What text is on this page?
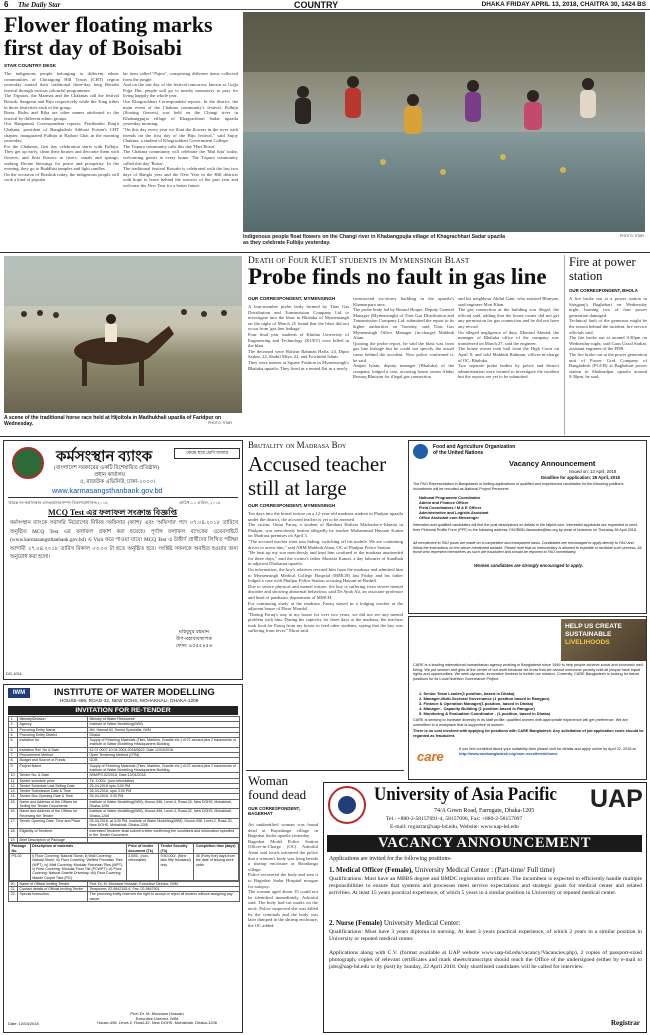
6 The Daily Star	COUNTRY	DHAKA FRIDAY APRIL 13, 2018, CHAITRA 30, 1424 BS
Flower floating marks
first day of Boisabi
STAR COUNTRY DESK

The indigenous people belonging to different ethnic communities of Chittagong Hill Tracts (CHT) region yesterday started their traditional three-day long Boisabi festival through various colourful programmes.

The Tripuras, the Marmas and the Chakmas call the festival Boisuk, Sangrain and Biju respectively while the Tong tribes in those festivities each of the group.

Bonu, Bishu and Biha are other names attributed to the festival by different ethnic groups.

Our Rangamati Correspondent reports: Pratibimbo Ranjit Chakma, president of Bangladesh Adibasi Forum's CHT chapter, inaugurated Fulbiju at Rajbari Ghat in the morning yesterday.

For the Chakmas, first day celebration starts with Fulbiju. They get up early, clean their houses and decorate them with flowers, and float flowers in rivers, canals and springs, seeking Divine blessings for peace and prosperity. In the evening, they go to Buddhist temples and light candles.

On the occasion of Boishuk today, the indigenous people will cook a kind of popular

lar item called "Pajon", comprising different items collected from the jungle.

And on the last day of the festival tomorrow, known as Gojja Pojja Din, people will go to nearby monastery to pray for living happily the whole year.

Our Khagrachhari Correspondent reports: In the district, the main event of the Chakma community's festival, Fulbiju (floating flowers) was held on the Changi river in Khabangpujia village of Khagrachhari Sadar upazila yesterday morning.

"On this day every year we float the flowers in the river with friends on the first day of the Biju festival," said Sujoy Chakma, a student of Khagrachhari Government College.

The Tripura community calls this day 'Hari Boisu'.

The Chakma community will celebrate the 'Mul biju' today, welcoming guests to every home. The Tripura community called this day 'Boisu'.

The traditional festival Boisabi is celebrated with the last two days of Bangla year and the New Year in the Hill districts with hope to leave behind the sorrows of the past year and welcome the New Year for a better future.

Indigenous people float flowers on the Changi river in Khabangpujia village of Khagrachhari Sadar upazila
as they celebrate Fulbiju yesterday.
PHOTO: STAR
A scene of the traditional horse race held at Hijoltola in Madhukhali upazila of Faridpur on Wednesday.	PHOTO: STAR
Death of Four KUET students in Mymensingh Blast
Probe finds no fault in gas line
OUR CORRESPONDENT, MYMENSINGH

A four-member probe body formed by Titas Gas Distribution and Transmission Company Ltd to investigate into the blast in Bhaluka of Mymensingh on the night of March 25 found that the blast did not occur from 'gas line leakage'.

Four final year students of Khulna University of Engineering and Technology (KUET) were killed in the blast.

The deceased were Hafizur Rahman Hafiz, 24, Dipto Sarkar, 22, Shakil Miya, 22, and Fowhidul Islam.

They were interns at Square Fashion in Mymensingh's Bhaluka upazila. They lived in a rented flat in a newly

constructed six-storey building in the upazila's Khamarpara area.

The probe body led by Rezaul Hoque, Deputy General Manager (Mymensingh) of Titas Gas Distribution and Transmission Company Ltd, submitted the report to its higher authorities on Tuesday, said Titas Gas Mymensingh Office Manager (in-charge) Mahbub Alam.

Quoting the probe report, he said the blast was from gas line leakage but he could not specify the actual cause behind the accident. Now police confirmed it, he said.

Amjad Islam, deputy manager (Bhaluka) of the company, lodged a case, accusing house owner Abdur Rezzaq Bhuiyan for illegal gas connection

and his neighbour Abdul Gani, who assisted Bhuiyan, said engineer Mon Khan.

The gas connection at the building was illegal, the official said, adding that the house owner did not get any permission for gas connection and he did not have any record.

On alleged negligence of duty, Monirul Ahmed, the manager of Bhaluka office of the company was transferred on March 27, said the engineer.

The house owner took bail from the High Court on April 8, and told Mahbub Rahman, officer-in-charge of OC, Bhaluka.

Two separate probe bodies by police and district administration were formed to investigate the incident but the reports are yet to be submitted.

Fire at power station
OUR CORRESPONDENT, BHOLA

A fire broke out at a power station in Sirajganj's Baghabari on Wednesday night, burning two of four power generation damaged.

Technical fault of the generator might be the reason behind the incident, fire service officials said.

The fire broke out at around 9:30pm on Wednesday night, said Gaus Uzzal Sarkar, assistant engineer of the PDB.

The fire broke out at the power generation unit of Power Grid Company of Bangladesh (PGCB) at Baghabari power station in Shahzadpur upazila around 9:30pm, he said.

কর্মসংস্থান ব্যাংক	কেন্দ্রে ছাত্র শ্রেণি বাজার
(বাংলাদেশ সরকারের একটি বিশেষায়িত প্রতিষ্ঠান)
প্রধান কার্যালয়
৫, রাজউক এভিনিউ, ঢাকা-১০০০।
www.karmasangsthanbank.gov.bd
স্মারক নং-কর্মসংস্থান ব্যাংক/মানবসম্পদ বিভাগ/প্রশাসন/২০১৮	তারিখ:১১ এপ্রিল, ২০১৮
MCQ Test এর ফলাফল সংক্রান্ত বিজ্ঞপ্তি
কর্মসংস্থান ব্যাংকে সরাসরি নিয়োগের নিমিত্ত 'অফিসার (ক্যাশ)' এবং 'অফিসার' পদে ০৭.০৪.২০১৮ তারিখে অনুষ্ঠিত MCQ Test এর ফলাফল প্রকাশ করা হয়েছে। পূর্ণাঙ্গ ফলাফল ব্যাংকের ওয়েবসাইটে (www.karmasangsthanbank.gov.bd) এ Visit করে পাওয়া যাবে। MCQ Test এ উত্তীর্ণ প্রার্থীদের লিখিত পরীক্ষা আগামী ২৭.০৪.২০১৮ তারিখ বিকাল ০৩.০০ টা হতে অনুষ্ঠিত হবে। সংশ্লিষ্ট সকলকে অবহিত হওয়ার জন্য অনুরোধ করা হলো।
মাহবুবুর রহমান
উপ-মহাব্যবস্থাপক
ফোন: ৯৫৫৫৪৫৬
DG-1011
IWM	INSTITUTE OF WATER MODELLING
HOUSE-496, ROAD-32, NEW DOHS, MOHAKHALI, DHAKA-1206
INVITATION FOR RE-TENDER
1.	Ministry/Division	Ministry of Water Resources
2.	Agency	Institute of Water Modelling(IWM)
3.	Procuring Entity Name	Md. Hasnat Ali, Senior Specialist, IWM
4.	Procuring Entity District	Dhaka
5.	Invitation for	Supply of Finishing Materials (Tiles, Marbles, Granite etc.) of 07-storied plus 2 basements of Institute of Water Modelling Headquarters Building
6.	Invitation Ref. No & Date	42.07.0007.10.04.2004.2018/0622; Date 12/04/2018
7.	Procurement Method	Open Tendering Method (OTM)
8.	Budget and Source of Funds	GOB
9.	Project Name	Supply of Finishing Materials (Tiles, Marbles, Granite etc.) of 07-storied plus 2 basements of Institute of Water Modelling Headquarters Building
10.	Tender No. & Date	IWM/PS-02/2018, Date:12/04/2018
11.	Tender schedule price	Tk. 3,000/- (non-refundable)
12.	Tender Schedule Last Selling Date	25-04-2018 upto 3:00 PM
13.	Tender Submission Date & Time	26-04-2018, upto 3:00 PM
14.	Tender Box Opening Date & Time	26-04-2018, 3:30 PM
15.	Name and Address of the Offices for Selling the Tender Documents	Institute of Water Modelling(IWM), House-496, Level-4, Road-32, New DOHS, Mohakhali, Dhaka-1206
16.	Name and Address of the Offices for Receiving the Tender	Institute of Water Modelling(IWM), House-496, Level-4, Road-32, New DOHS, Mohakhali, Dhaka-1206
17.	Tender Opening Date, Time and Place	26-04-2018, at 3:30 PM, Institute of Water Modelling(IWM), House-496, Level-2, Road-32, New DOHS, Mohakhali, Dhaka-1206
18.	Eligibility of Tenderer	Interested Tenderer shall submit a letter confirming the conditions and information specified in the Tender Document.
19.	Brief Description of Package	

Package No.	Description of materials	Price of tender document (Tk)	Tender Security (Tk)	Completion time (days)
PS-02	i) Floor Covering: Natural Stone, ii) Wall Covering: Natural Stone, iii) Floor Covering: Vitrified Porcelain Tiles (WPT), iv) Wall Covering: Modular Porcelain Tiles (WPT), v) Floor Covering: Modular Floor Tile (FCWPT), vi) Floor Covering: Natural Granite Driveway, viii) Floor Covering: Marble Carpet Tiles (PG)	3,000/- (non-refundable)	9,50,000/- (Nine lakh fifty thousand) only	45 (Forty five) days from the date of issuing work order

20.	Name of Official Inviting Tender	Prof. Dr. M. Monowar Hossain, Executive Director, IWM
21.	Contact details of Official Inviting Tender	Telephone: 02-9842105-6, Fax: 02-9847901
22.	Special Instruction	The procuring entity reserves the right to accept or reject all tenders without assigning any cause.
Date: 12/04/2018
Prof. Dr. M. Monowar Hossain
Executive Director, IWM
House-496, Level-2, Road-32, New DOHS, Mohakhali, Dhaka-1206
Brutality on Madrasa Boy
Accused teacher
still at large
OUR CORRESPONDENT, MYMENSINGH

Ten days into the brutal torture on a 12-year-old madrasa student in Phulpur upazila under the district, the accused teacher is yet to be arrested.

The victim, Omar Faruq, a student of Barahari Hafizia Madrasha-e-Islamia in Phulpur, was mercilessly beaten allegedly by teacher Mohammad Hussain Karim on Madrasa premises on April 3.

"The accused teacher went into hiding, switching off his mobile. We are continuing drives to arrest him," said ABM Mahbub Alam, OC of Phulpur Police Station.

"He beat up my son mercilessly and kept him confined to the madrasa unattended for three days," said the victim's father Mustafa Kamal, a day labourer of Sundhah in adjacent Dhobaura upazila.

On information, the boy's relatives rescued him from the madrasa and admitted him to Mymensingh Medical College Hospital (MMCH) last Friday and his father lodged a case with Phulpur Police Station accusing Hassan-ur-Rashid.

Due to severe physical and mental torture, the boy is suffering from severe mental disorder and showing abnormal behaviour, said Dr Ayub Ali, an associate professor and head of paediatric department of MMCH.

For continuing study at the madrasa, Faruq stayed in a lodging teacher at the adjacent house of Ebrar Mondol.

"During Faruq's stay at my house for over two years, we did not see any mental problem with him. During his captivity for three days at the madrasa, the teachers took food for Faruq from my house to feed other students, saying that the boy was suffering from fever," Ebrar said.

Woman
found dead
OUR CORRESPONDENT, BAGERHAT

An unidentified woman was found dead at Bayadanga village in Bagerhat Sadar upazila yesterday.

Bagerhat Model Police Station Officer-in-Charge (OC) Ashraful Alam said locals informed the police that a woman's body was lying beside a shrimp enclosure at Boradanga village.

Police recovered the body and sent it to Bagerhat Sadar Hospital morgue for autopsy.

The woman aged about 35 could not be identified immediately, Ashraful said. The body had cut marks on the neck. Police suspected she was killed by the criminals and the body was later dumped in the shrimp enclosure, the OC added.

Food and Agriculture Organization
of the United Nations
Vacancy Announcement
Issued on: 13 April, 2018
Deadline for application: 26 April, 2018
The FAO Representation in Bangladesh is inviting applications of qualified and experienced candidates for the following positions. Incumbents will be recruited as National Project Personnel:
National Programme Coordinator
Admin and Finance Officer
Field Coordinators / M & E Officer
Administrative and Logistic Assistant
Office Assistant cum Messenger
Interested and qualified candidates will find the post descriptions on details in the fafpbd.com. Interested applicants are requested to send their Personal Profile Form (PPF) to the following address: FAORBD-Vacancies@fao.org by close of business on Thursday 26 April 2018.
All recruitment to FAO posts are made on a competitive and transparent basis. Candidates are encouraged to apply directly to FAO and follow the instructions on the above mentioned website. Please note that no intermediary is allowed to expedite or facilitate such process. All those who represent themselves as such are fraudulent and should be reported to FAO immediately.
Women candidates are strongly encouraged to apply.
HELP US CREATE
SUSTAINABLE
LIVELIHOODS
CARE is a leading international humanitarian agency working in Bangladesh since 1949 to help people achieve social and economic well-being. We put women and girls at the centre of our work because we know that we cannot overcome poverty until all people have equal rights and opportunities. We seek dynamic, innovative thinkers to further our mission. Currently, CARE Bangladesh is looking for below positions for its Local Nutrition Governance Project.
1. Senior Team Leader(1 position, based in Dhaka)
2. Manager-Multi-Sectoral Governance (1 position based in Rangpur)
3. Finance & Operation Manager(1 position, based in Dhaka)
4. Manager - Capacity Building (1 position based in Rangpur)
5. Monitoring & Evaluation Coordinator - (1 position, based in Dhaka)
CARE is seeking to increase diversity in its staff profile; qualified women with appropriate experience will get preference. We are committed to a workplace that is supportive of women.
There is no cost involved with applying for positions with CARE Bangladesh. Any solicitation of job application costs should be regarded as fraudulent.
care	If you feel confident about your suitability then please visit for details and apply online by April 22, 2018 at
http://www.carebangladesh.org/care-recruitment/home
University of Asia Pacific UAP
74/A Green Road, Farmgate, Dhaka-1205
Tel.: +880-2-58157091-4, 58157096, Fax: +880-2-58157097
E-mail: registrar@uap-bd.edu, Website: www.uap-bd.edu
VACANCY ANNOUNCEMENT
Applications are invited for the following positions-
1. Medical Officer (Female), University Medical Center : (Part-time/ Full time)
Qualifications: Must have an MBBS degree and BMDC registration certificate. The incumbent is expected to efficiently handle multiple responsibilities to ensure that systems and processes meet service expectations and strategic goals for medical center and related activities. At least 15 years practical experience, of which 5 years in a similar position in University or reputed medical center.
2. Nurse (Female) University Medical Center:
Qualifications: Must have 3 years diploma in nursing. At least 3 years practical experience, of which 2 years in a similar position in University or reputed medical center.
Applications along with C.V. (format available at UAP website www.uap-bd.edu/vacancy/Vacancies.php), 2 copies of passport-sized photograph, copies of relevant certificates and mark sheets/transcripts should reach the Office of the undersigned (either by e-mail to jobs@uap-bd.edu or by post) by Sunday, 22 April 2018. Only shortlisted candidates will be called for interview.
Registrar
